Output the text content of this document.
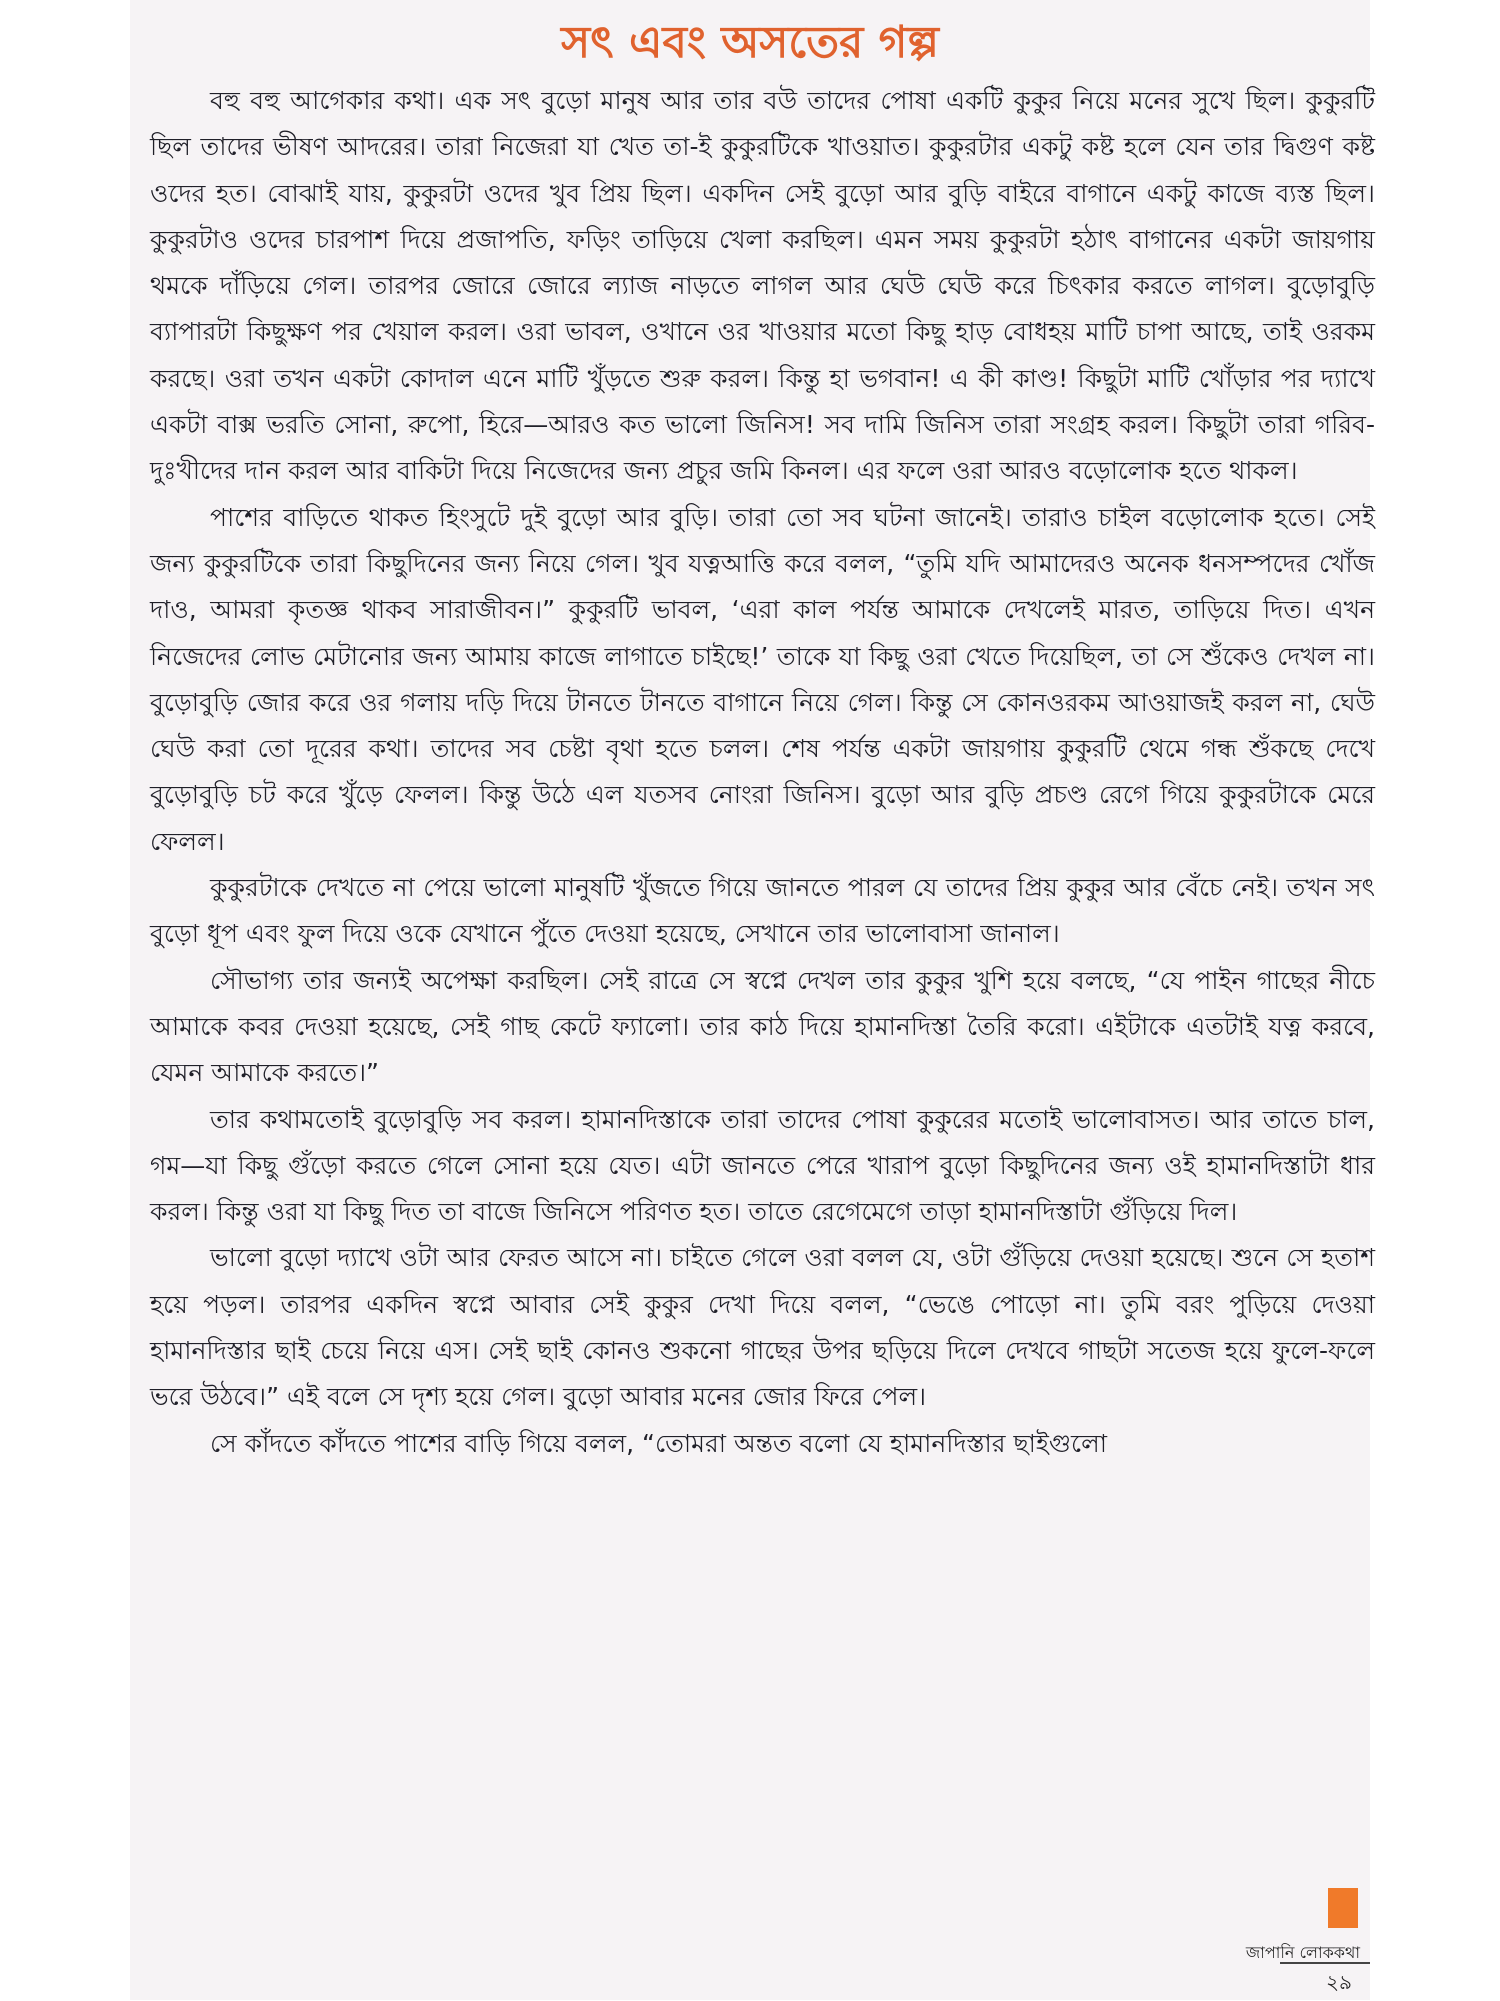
সৎ এবং অসতের গল্প

বহু বহু আগেকার কথা। এক সৎ বুড়ো মানুষ আর তার বউ তাদের পোষা একটি কুকুর নিয়ে মনের সুখে ছিল। কুকুরটি ছিল তাদের ভীষণ আদরের। তারা নিজেরা যা খেত তা-ই কুকুরটিকে খাওয়াত। কুকুরটার একটু কষ্ট হলে যেন তার দ্বিগুণ কষ্ট ওদের হত। বোঝাই যায়, কুকুরটা ওদের খুব প্রিয় ছিল। একদিন সেই বুড়ো আর বুড়ি বাইরে বাগানে একটু কাজে ব্যস্ত ছিল। কুকুরটাও ওদের চারপাশ দিয়ে প্রজাপতি, ফড়িং তাড়িয়ে খেলা করছিল। এমন সময় কুকুরটা হঠাৎ বাগানের একটা জায়গায় থমকে দাঁড়িয়ে গেল। তারপর জোরে জোরে ল্যাজ নাড়তে লাগল আর ঘেউ ঘেউ করে চিৎকার করতে লাগল। বুড়োবুড়ি ব্যাপারটা কিছুক্ষণ পর খেয়াল করল। ওরা ভাবল, ওখানে ওর খাওয়ার মতো কিছু হাড় বোধহয় মাটি চাপা আছে, তাই ওরকম করছে। ওরা তখন একটা কোদাল এনে মাটি খুঁড়তে শুরু করল। কিন্তু হা ভগবান! এ কী কাণ্ড! কিছুটা মাটি খোঁড়ার পর দ্যাখে একটা বাক্স ভরতি সোনা, রুপো, হিরে—আরও কত ভালো জিনিস! সব দামি জিনিস তারা সংগ্রহ করল। কিছুটা তারা গরিব-দুঃখীদের দান করল আর বাকিটা দিয়ে নিজেদের জন্য প্রচুর জমি কিনল। এর ফলে ওরা আরও বড়োলোক হতে থাকল।

পাশের বাড়িতে থাকত হিংসুটে দুই বুড়ো আর বুড়ি। তারা তো সব ঘটনা জানেই। তারাও চাইল বড়োলোক হতে। সেই জন্য কুকুরটিকে তারা কিছুদিনের জন্য নিয়ে গেল। খুব যত্নআত্তি করে বলল, “তুমি যদি আমাদেরও অনেক ধনসম্পদের খোঁজ দাও, আমরা কৃতজ্ঞ থাকব সারাজীবন।” কুকুরটি ভাবল, ‘এরা কাল পর্যন্ত আমাকে দেখলেই মারত, তাড়িয়ে দিত। এখন নিজেদের লোভ মেটানোর জন্য আমায় কাজে লাগাতে চাইছে!’ তাকে যা কিছু ওরা খেতে দিয়েছিল, তা সে শুঁকেও দেখল না। বুড়োবুড়ি জোর করে ওর গলায় দড়ি দিয়ে টানতে টানতে বাগানে নিয়ে গেল। কিন্তু সে কোনওরকম আওয়াজই করল না, ঘেউ ঘেউ করা তো দূরের কথা। তাদের সব চেষ্টা বৃথা হতে চলল। শেষ পর্যন্ত একটা জায়গায় কুকুরটি থেমে গন্ধ শুঁকছে দেখে বুড়োবুড়ি চট করে খুঁড়ে ফেলল। কিন্তু উঠে এল যতসব নোংরা জিনিস। বুড়ো আর বুড়ি প্রচণ্ড রেগে গিয়ে কুকুরটাকে মেরে ফেলল।

কুকুরটাকে দেখতে না পেয়ে ভালো মানুষটি খুঁজতে গিয়ে জানতে পারল যে তাদের প্রিয় কুকুর আর বেঁচে নেই। তখন সৎ বুড়ো ধূপ এবং ফুল দিয়ে ওকে যেখানে পুঁতে দেওয়া হয়েছে, সেখানে তার ভালোবাসা জানাল।

সৌভাগ্য তার জন্যই অপেক্ষা করছিল। সেই রাত্রে সে স্বপ্নে দেখল তার কুকুর খুশি হয়ে বলছে, “যে পাইন গাছের নীচে আমাকে কবর দেওয়া হয়েছে, সেই গাছ কেটে ফ্যালো। তার কাঠ দিয়ে হামানদিস্তা তৈরি করো। এইটাকে এতটাই যত্ন করবে, যেমন আমাকে করতে।”

তার কথামতোই বুড়োবুড়ি সব করল। হামানদিস্তাকে তারা তাদের পোষা কুকুরের মতোই ভালোবাসত। আর তাতে চাল, গম—যা কিছু গুঁড়ো করতে গেলে সোনা হয়ে যেত। এটা জানতে পেরে খারাপ বুড়ো কিছুদিনের জন্য ওই হামানদিস্তাটা ধার করল। কিন্তু ওরা যা কিছু দিত তা বাজে জিনিসে পরিণত হত। তাতে রেগেমেগে তাড়া হামানদিস্তাটা গুঁড়িয়ে দিল।

ভালো বুড়ো দ্যাখে ওটা আর ফেরত আসে না। চাইতে গেলে ওরা বলল যে, ওটা গুঁড়িয়ে দেওয়া হয়েছে। শুনে সে হতাশ হয়ে পড়ল। তারপর একদিন স্বপ্নে আবার সেই কুকুর দেখা দিয়ে বলল, “ভেঙে পোড়ো না। তুমি বরং পুড়িয়ে দেওয়া হামানদিস্তার ছাই চেয়ে নিয়ে এস। সেই ছাই কোনও শুকনো গাছের উপর ছড়িয়ে দিলে দেখবে গাছটা সতেজ হয়ে ফুলে-ফলে ভরে উঠবে।” এই বলে সে দৃশ্য হয়ে গেল। বুড়ো আবার মনের জোর ফিরে পেল।

সে কাঁদতে কাঁদতে পাশের বাড়ি গিয়ে বলল, “তোমরা অন্তত বলো যে হামানদিস্তার ছাইগুলো

জাপানি লোককথা
২৯
